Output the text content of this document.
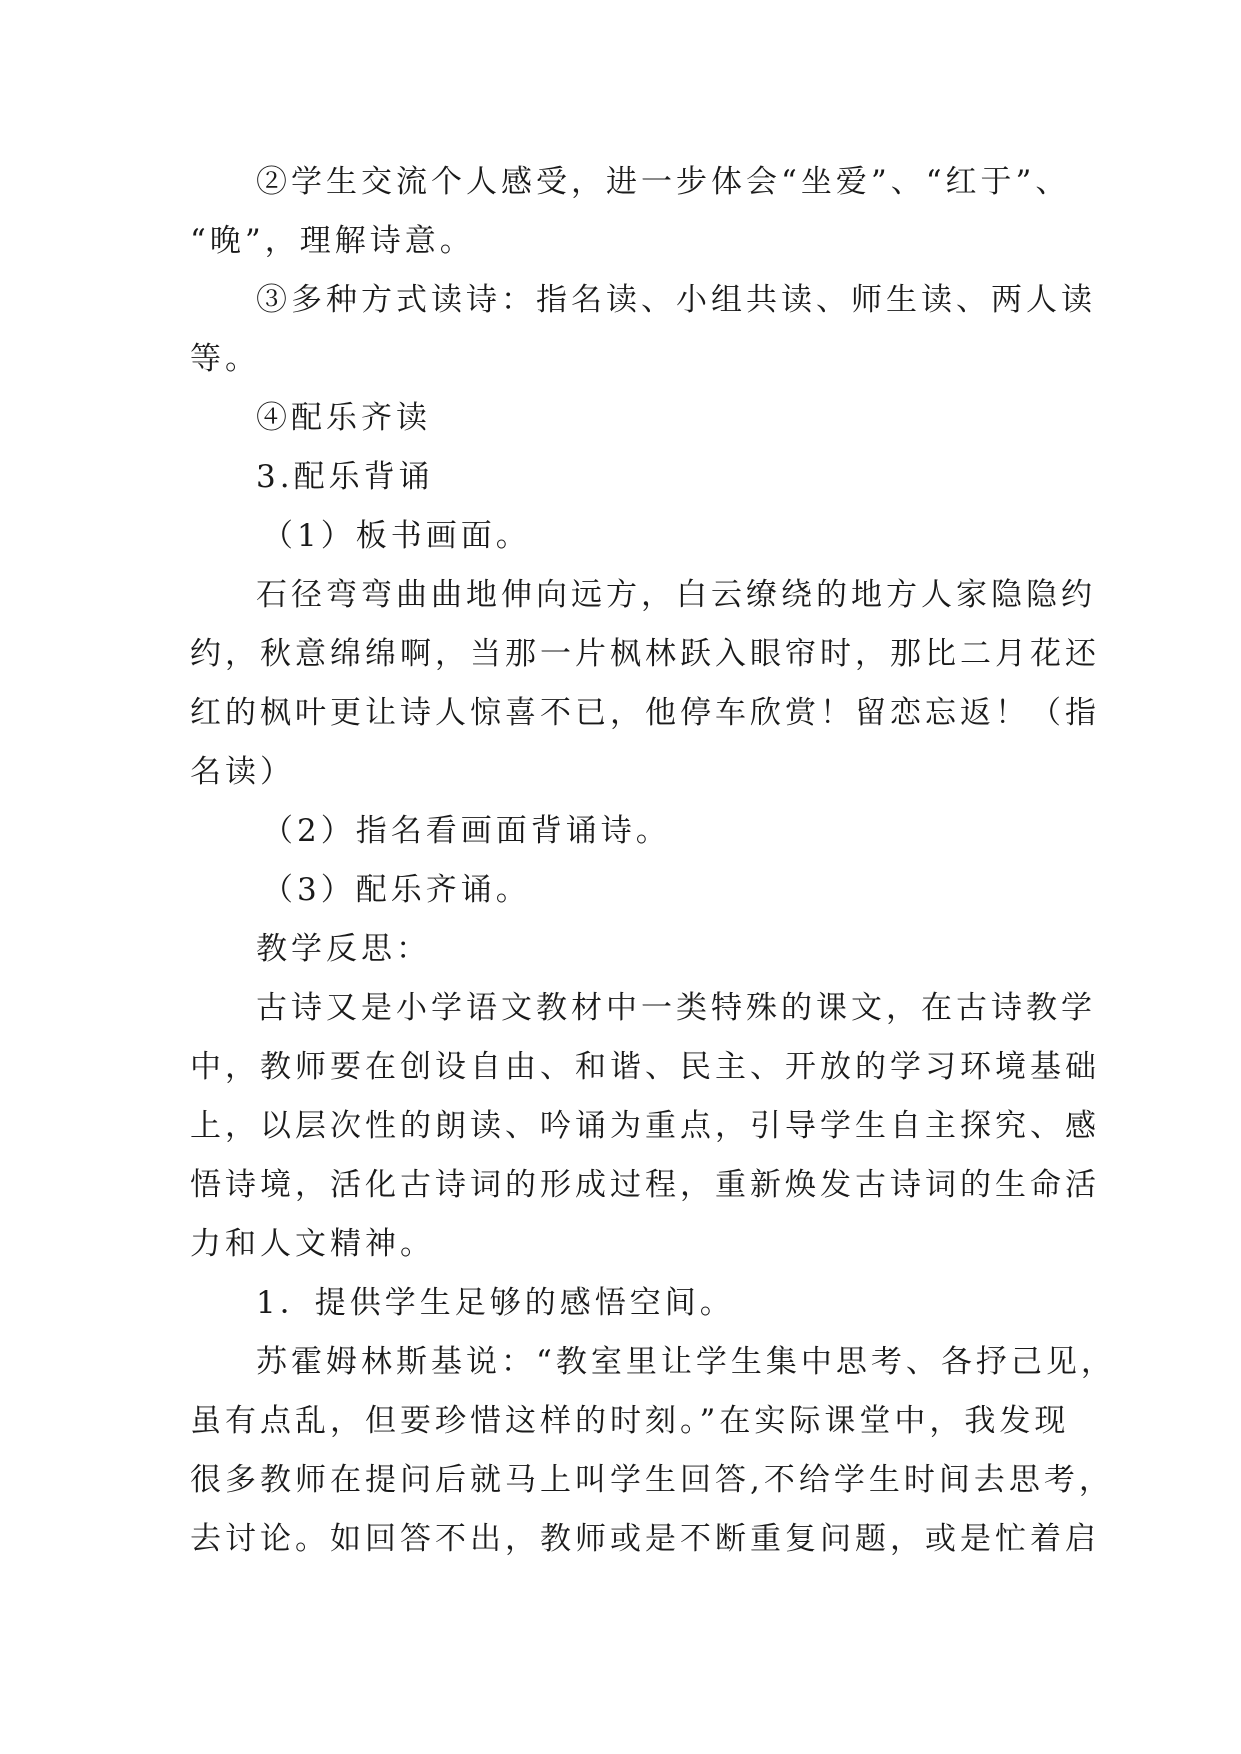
②学生交流个人感受，进一步体会“坐爱”、“红于”、
“晚”，理解诗意。
③多种方式读诗：指名读、小组共读、师生读、两人读
等。
④配乐齐读
3.配乐背诵
（1）板书画面。
石径弯弯曲曲地伸向远方，白云缭绕的地方人家隐隐约
约，秋意绵绵啊，当那一片枫林跃入眼帘时，那比二月花还
红的枫叶更让诗人惊喜不已，他停车欣赏！留恋忘返！（指
名读）
（2）指名看画面背诵诗。
（3）配乐齐诵。
教学反思：
古诗又是小学语文教材中一类特殊的课文，在古诗教学
中，教师要在创设自由、和谐、民主、开放的学习环境基础
上，以层次性的朗读、吟诵为重点，引导学生自主探究、感
悟诗境，活化古诗词的形成过程，重新焕发古诗词的生命活
力和人文精神。
1．提供学生足够的感悟空间。
苏霍姆林斯基说：“教室里让学生集中思考、各抒己见，
虽有点乱，但要珍惜这样的时刻。”在实际课堂中，我发现
很多教师在提问后就马上叫学生回答,不给学生时间去思考，
去讨论。如回答不出，教师或是不断重复问题，或是忙着启
